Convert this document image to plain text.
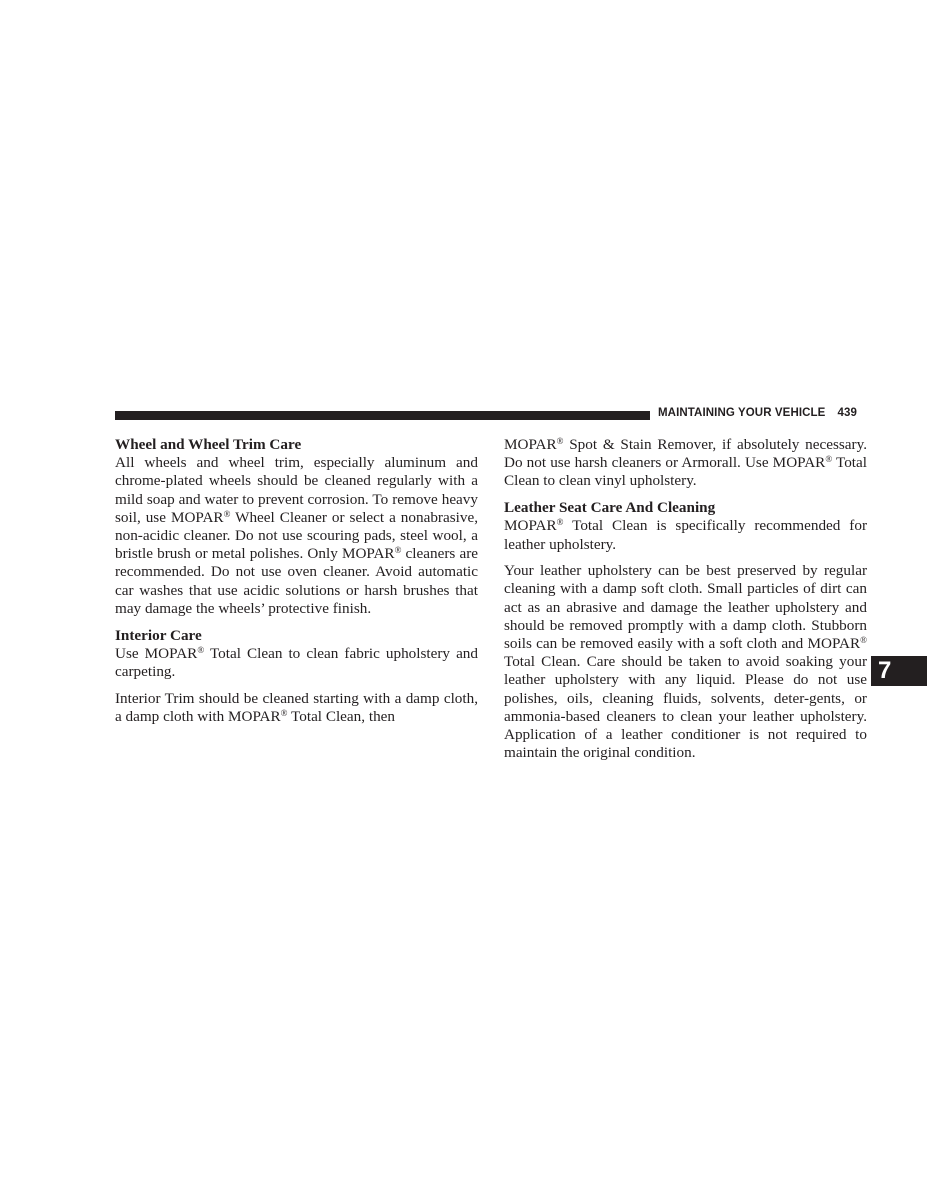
MAINTAINING YOUR VEHICLE 439
Wheel and Wheel Trim Care

All wheels and wheel trim, especially aluminum and chrome-plated wheels should be cleaned regularly with a mild soap and water to prevent corrosion. To remove heavy soil, use MOPAR® Wheel Cleaner or select a nonabrasive, non-acidic cleaner. Do not use scouring pads, steel wool, a bristle brush or metal polishes. Only MOPAR® cleaners are recommended. Do not use oven cleaner. Avoid automatic car washes that use acidic solutions or harsh brushes that may damage the wheels’ protective finish.

Interior Care

Use MOPAR® Total Clean to clean fabric upholstery and carpeting.

Interior Trim should be cleaned starting with a damp cloth, a damp cloth with MOPAR® Total Clean, then

MOPAR® Spot & Stain Remover, if absolutely necessary. Do not use harsh cleaners or Armorall. Use MOPAR® Total Clean to clean vinyl upholstery.

Leather Seat Care And Cleaning

MOPAR® Total Clean is specifically recommended for leather upholstery.

Your leather upholstery can be best preserved by regular cleaning with a damp soft cloth. Small particles of dirt can act as an abrasive and damage the leather upholstery and should be removed promptly with a damp cloth. Stubborn soils can be removed easily with a soft cloth and MOPAR® Total Clean. Care should be taken to avoid soaking your leather upholstery with any liquid. Please do not use polishes, oils, cleaning fluids, solvents, deter-gents, or ammonia-based cleaners to clean your leather upholstery. Application of a leather conditioner is not required to maintain the original condition.

7
